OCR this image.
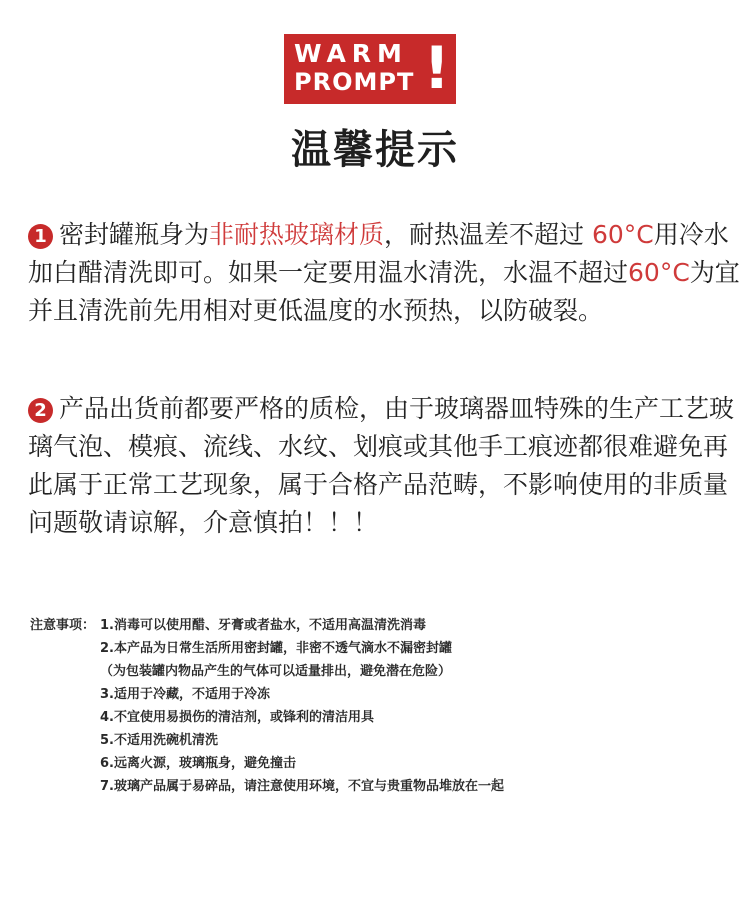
WARM
PROMPT !
温馨提示
1 密封罐瓶身为非耐热玻璃材质，耐热温差不超过 60°C用冷水加白醋清洗即可。如果一定要用温水清洗，水温不超过60°C为宜并且清洗前先用相对更低温度的水预热，以防破裂。
2 产品出货前都要严格的质检，由于玻璃器皿特殊的生产工艺玻璃气泡、模痕、流线、水纹、划痕或其他手工痕迹都很难避免再此属于正常工艺现象，属于合格产品范畴，不影响使用的非质量问题敬请谅解，介意慎拍！！！
注意事项： 1.消毒可以使用醋、牙膏或者盐水，不适用高温清洗消毒
2.本产品为日常生活所用密封罐，非密不透气滴水不漏密封罐
（为包装罐内物品产生的气体可以适量排出，避免潜在危险）
3.适用于冷藏，不适用于冷冻
4.不宜使用易损伤的清洁剂，或锋利的清洁用具
5.不适用洗碗机清洗
6.远离火源，玻璃瓶身，避免撞击
7.玻璃产品属于易碎品，请注意使用环境，不宜与贵重物品堆放在一起
